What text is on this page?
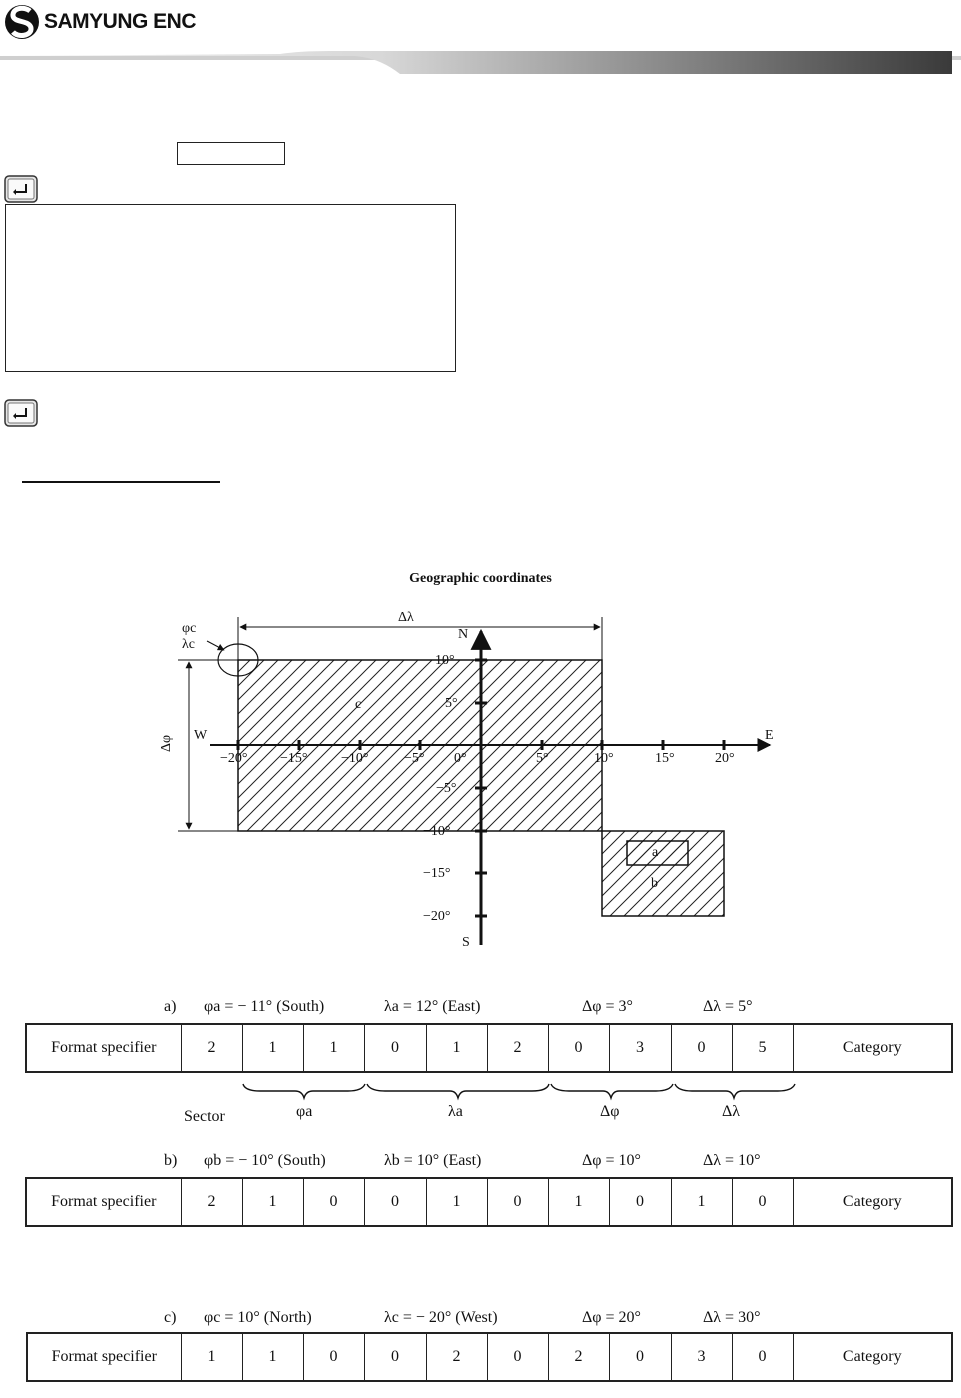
SAMYUNG ENC
Geographic coordinates
Δλ
Δφ
φc
λc
−20° −15° −10°	−5° 0°	5°	10°	15°	20°
10°
5°
−5°
−10°
−15°
−20°
N
S
E
W
c
a
b
a) φa = − 11° (South)	λa = 12° (East)	Δφ = 3°	Δλ = 5°
Format specifier	2	1	1	0	1	2	0	3	0	5	Category
Sector	φa	λa	Δφ	Δλ
b) φb = − 10° (South)	λb = 10° (East)	Δφ = 10°	Δλ = 10°
Format specifier	2	1	0	0	1	0	1	0	1	0	Category
c) φc = 10° (North)	λc = − 20° (West)	Δφ = 20°	Δλ = 30°
Format specifier	1	1	0	0	2	0	2	0	3	0	Category
